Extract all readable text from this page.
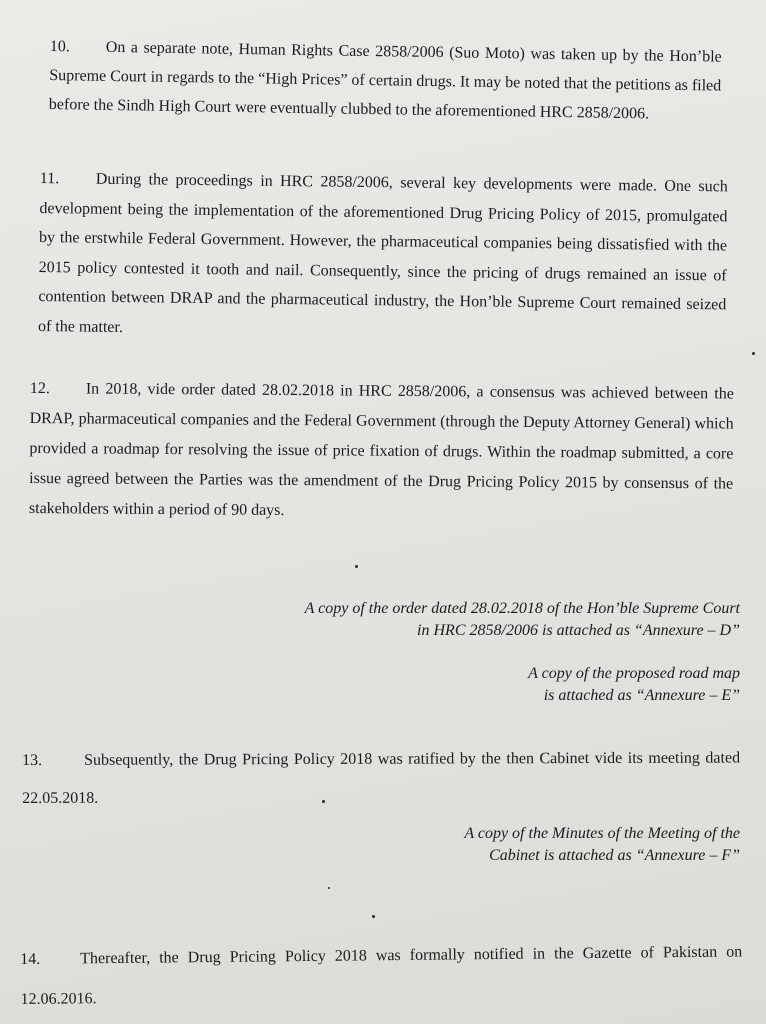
10. On a separate note, Human Rights Case 2858/2006 (Suo Moto) was taken up by the Hon’ble Supreme Court in regards to the “High Prices” of certain drugs. It may be noted that the petitions as filed before the Sindh High Court were eventually clubbed to the aforementioned HRC 2858/2006.

11. During the proceedings in HRC 2858/2006, several key developments were made. One such development being the implementation of the aforementioned Drug Pricing Policy of 2015, promulgated by the erstwhile Federal Government. However, the pharmaceutical companies being dissatisfied with the 2015 policy contested it tooth and nail. Consequently, since the pricing of drugs remained an issue of contention between DRAP and the pharmaceutical industry, the Hon’ble Supreme Court remained seized of the matter.

12. In 2018, vide order dated 28.02.2018 in HRC 2858/2006, a consensus was achieved between the DRAP, pharmaceutical companies and the Federal Government (through the Deputy Attorney General) which provided a roadmap for resolving the issue of price fixation of drugs. Within the roadmap submitted, a core issue agreed between the Parties was the amendment of the Drug Pricing Policy 2015 by consensus of the stakeholders within a period of 90 days.

A copy of the order dated 28.02.2018 of the Hon’ble Supreme Court
in HRC 2858/2006 is attached as “Annexure – D”
A copy of the proposed road map
is attached as “Annexure – E”

13.	Subsequently, the Drug Pricing Policy 2018 was ratified by the then Cabinet vide its meeting dated 22.05.2018.

A copy of the Minutes of the Meeting of the
Cabinet is attached as “Annexure – F”

14. Thereafter, the Drug Pricing Policy 2018 was formally notified in the Gazette of Pakistan on 12.06.2016.
